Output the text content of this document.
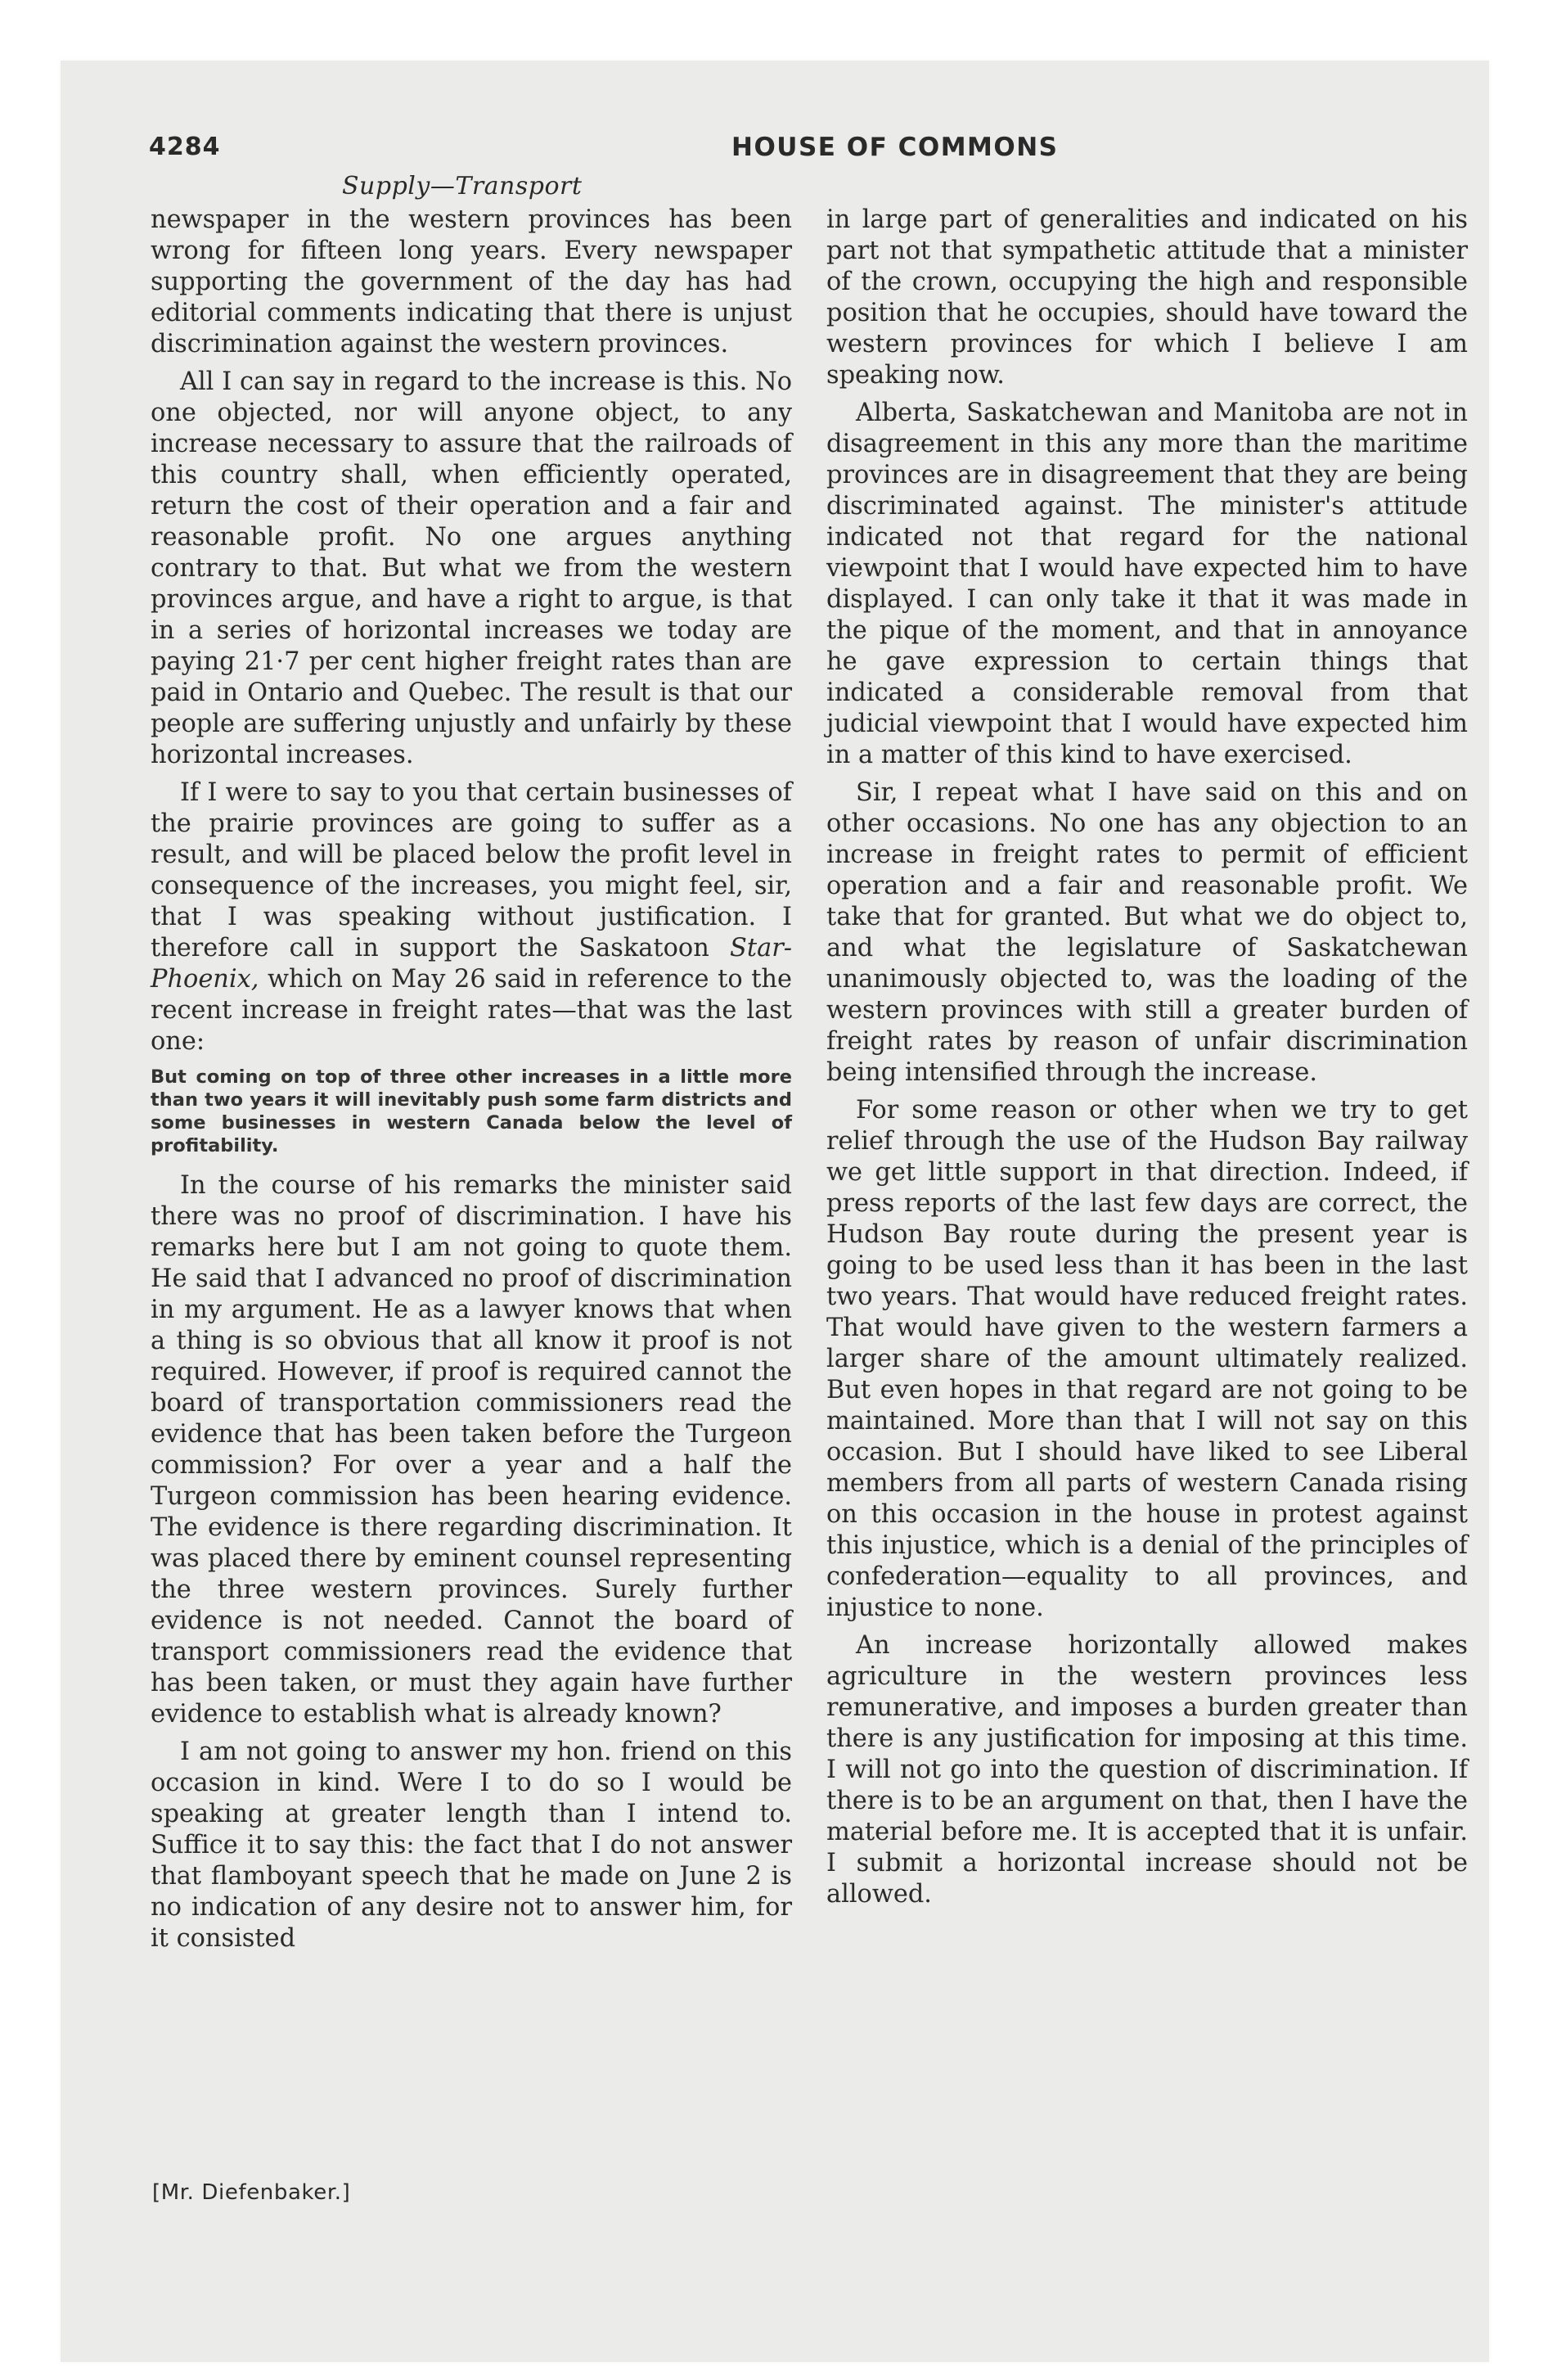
4284	HOUSE OF COMMONS
Supply—Transport

newspaper in the western provinces has been wrong for fifteen long years. Every newspaper supporting the government of the day has had editorial comments indicating that there is unjust discrimination against the western provinces.

All I can say in regard to the increase is this. No one objected, nor will anyone object, to any increase necessary to assure that the railroads of this country shall, when efficiently operated, return the cost of their operation and a fair and reasonable profit. No one argues anything contrary to that. But what we from the western provinces argue, and have a right to argue, is that in a series of horizontal increases we today are paying 21·7 per cent higher freight rates than are paid in Ontario and Quebec. The result is that our people are suffering unjustly and unfairly by these horizontal increases.

If I were to say to you that certain businesses of the prairie provinces are going to suffer as a result, and will be placed below the profit level in consequence of the increases, you might feel, sir, that I was speaking without justification. I therefore call in support the Saskatoon Star-Phoenix, which on May 26 said in reference to the recent increase in freight rates—that was the last one:

But coming on top of three other increases in a little more than two years it will inevitably push some farm districts and some businesses in western Canada below the level of profitability.

In the course of his remarks the minister said there was no proof of discrimination. I have his remarks here but I am not going to quote them. He said that I advanced no proof of discrimination in my argument. He as a lawyer knows that when a thing is so obvious that all know it proof is not required. However, if proof is required cannot the board of transportation commissioners read the evidence that has been taken before the Turgeon commission? For over a year and a half the Turgeon commission has been hearing evidence. The evidence is there regarding discrimination. It was placed there by eminent counsel representing the three western provinces. Surely further evidence is not needed. Cannot the board of transport commissioners read the evidence that has been taken, or must they again have further evidence to establish what is already known?

I am not going to answer my hon. friend on this occasion in kind. Were I to do so I would be speaking at greater length than I intend to. Suffice it to say this: the fact that I do not answer that flamboyant speech that he made on June 2 is no indication of any desire not to answer him, for it consisted

in large part of generalities and indicated on his part not that sympathetic attitude that a minister of the crown, occupying the high and responsible position that he occupies, should have toward the western provinces for which I believe I am speaking now.

Alberta, Saskatchewan and Manitoba are not in disagreement in this any more than the maritime provinces are in disagreement that they are being discriminated against. The minister's attitude indicated not that regard for the national viewpoint that I would have expected him to have displayed. I can only take it that it was made in the pique of the moment, and that in annoyance he gave expression to certain things that indicated a considerable removal from that judicial viewpoint that I would have expected him in a matter of this kind to have exercised.

Sir, I repeat what I have said on this and on other occasions. No one has any objection to an increase in freight rates to permit of efficient operation and a fair and reasonable profit. We take that for granted. But what we do object to, and what the legislature of Saskatchewan unanimously objected to, was the loading of the western provinces with still a greater burden of freight rates by reason of unfair discrimination being intensified through the increase.

For some reason or other when we try to get relief through the use of the Hudson Bay railway we get little support in that direction. Indeed, if press reports of the last few days are correct, the Hudson Bay route during the present year is going to be used less than it has been in the last two years. That would have reduced freight rates. That would have given to the western farmers a larger share of the amount ultimately realized. But even hopes in that regard are not going to be maintained. More than that I will not say on this occasion. But I should have liked to see Liberal members from all parts of western Canada rising on this occasion in the house in protest against this injustice, which is a denial of the principles of confederation—equality to all provinces, and injustice to none.

An increase horizontally allowed makes agriculture in the western provinces less remunerative, and imposes a burden greater than there is any justification for imposing at this time. I will not go into the question of discrimination. If there is to be an argument on that, then I have the material before me. It is accepted that it is unfair. I submit a horizontal increase should not be allowed.

[Mr. Diefenbaker.]
